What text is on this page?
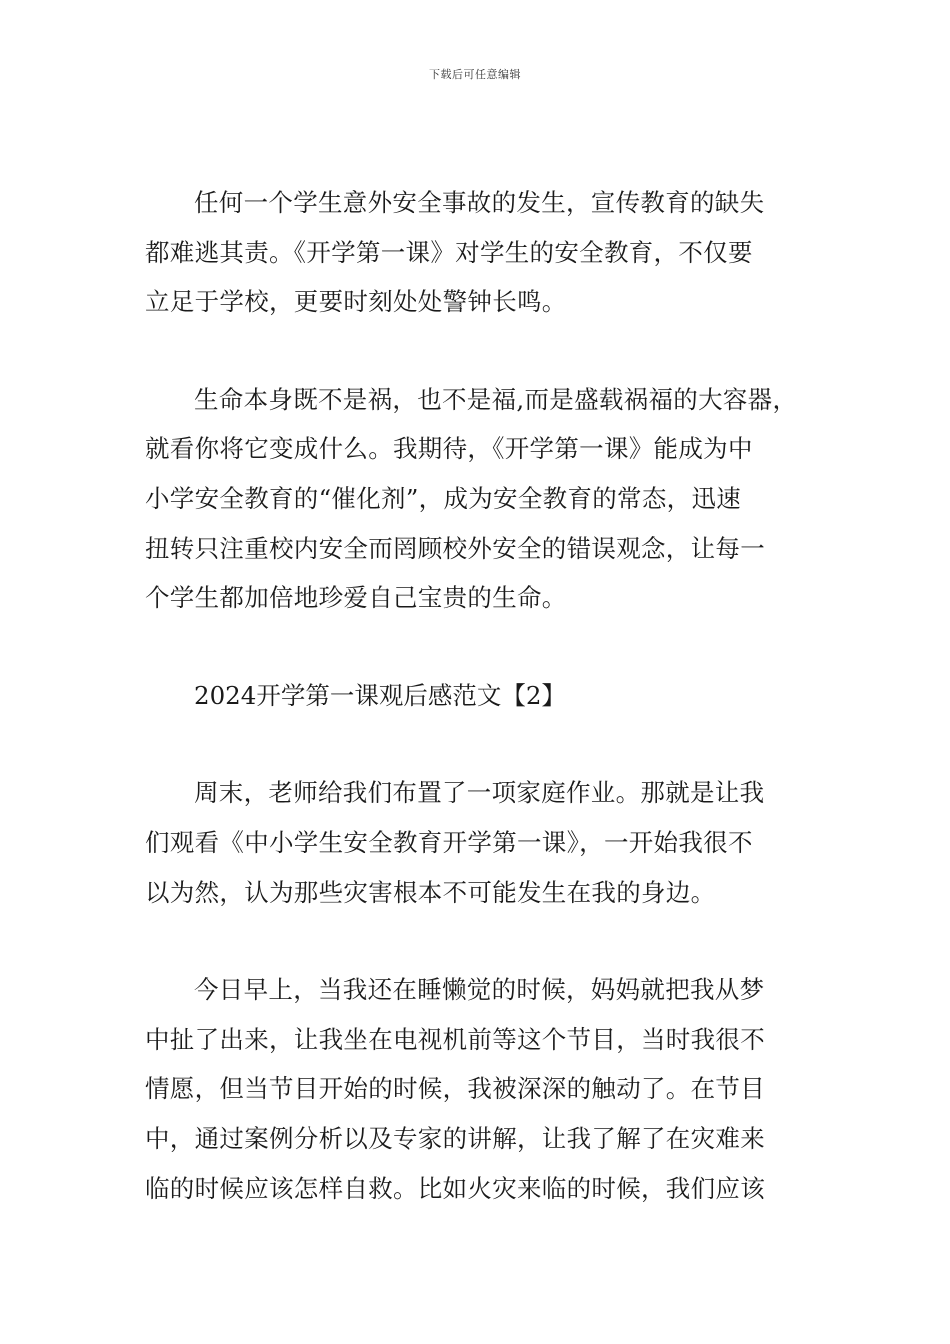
下载后可任意编辑
任何一个学生意外安全事故的发生，宣传教育的缺失
都难逃其责。《开学第一课》对学生的安全教育，不仅要
立足于学校，更要时刻处处警钟长鸣。
生命本身既不是祸，也不是福,而是盛载祸福的大容器，
就看你将它变成什么。我期待，《开学第一课》能成为中
小学安全教育的“催化剂”，成为安全教育的常态，迅速
扭转只注重校内安全而罔顾校外安全的错误观念，让每一
个学生都加倍地珍爱自己宝贵的生命。
2024开学第一课观后感范文【2】
周末，老师给我们布置了一项家庭作业。那就是让我
们观看《中小学生安全教育开学第一课》，一开始我很不
以为然，认为那些灾害根本不可能发生在我的身边。
今日早上，当我还在睡懒觉的时候，妈妈就把我从梦
中扯了出来，让我坐在电视机前等这个节目，当时我很不
情愿，但当节目开始的时候，我被深深的触动了。在节目
中，通过案例分析以及专家的讲解，让我了解了在灾难来
临的时候应该怎样自救。比如火灾来临的时候，我们应该
